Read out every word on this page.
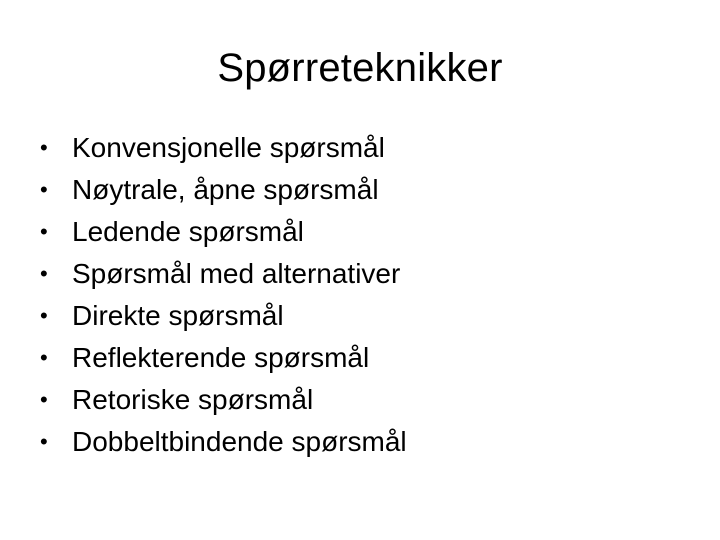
Spørreteknikker
• Konvensjonelle spørsmål
• Nøytrale, åpne spørsmål
• Ledende spørsmål
• Spørsmål med alternativer
• Direkte spørsmål
• Reflekterende spørsmål
• Retoriske spørsmål
• Dobbeltbindende spørsmål
